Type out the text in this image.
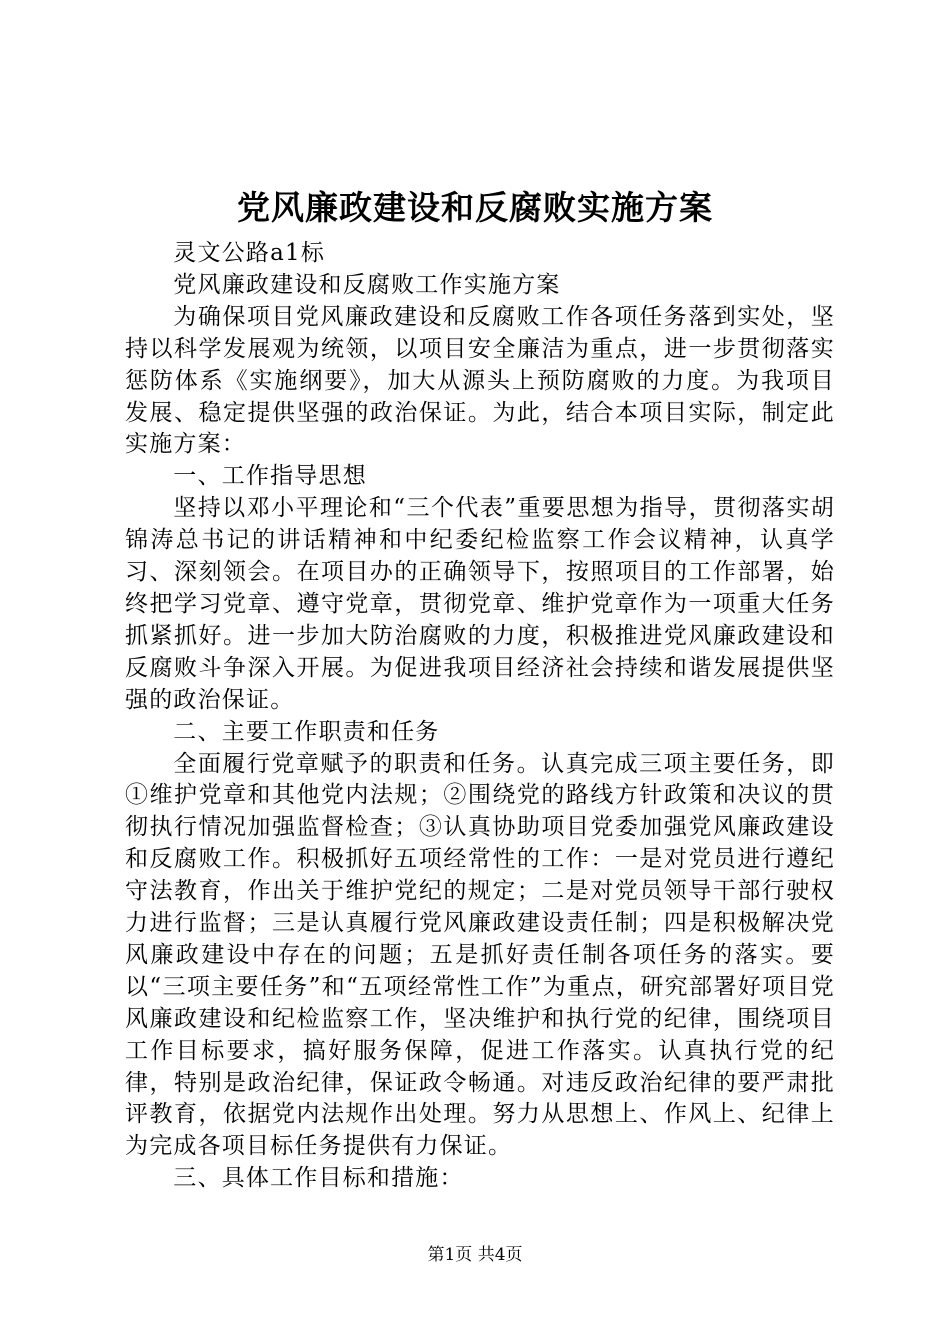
党风廉政建设和反腐败实施方案

灵文公路a1标

党风廉政建设和反腐败工作实施方案

为确保项目党风廉政建设和反腐败工作各项任务落到实处，坚持以科学发展观为统领，以项目安全廉洁为重点，进一步贯彻落实惩防体系《实施纲要》，加大从源头上预防腐败的力度。为我项目发展、稳定提供坚强的政治保证。为此，结合本项目实际，制定此实施方案：

一、工作指导思想

坚持以邓小平理论和“三个代表”重要思想为指导，贯彻落实胡锦涛总书记的讲话精神和中纪委纪检监察工作会议精神，认真学习、深刻领会。在项目办的正确领导下，按照项目的工作部署，始终把学习党章、遵守党章，贯彻党章、维护党章作为一项重大任务抓紧抓好。进一步加大防治腐败的力度，积极推进党风廉政建设和反腐败斗争深入开展。为促进我项目经济社会持续和谐发展提供坚强的政治保证。

二、主要工作职责和任务

全面履行党章赋予的职责和任务。认真完成三项主要任务，即①维护党章和其他党内法规；②围绕党的路线方针政策和决议的贯彻执行情况加强监督检查；③认真协助项目党委加强党风廉政建设和反腐败工作。积极抓好五项经常性的工作：一是对党员进行遵纪守法教育，作出关于维护党纪的规定；二是对党员领导干部行驶权力进行监督；三是认真履行党风廉政建设责任制；四是积极解决党风廉政建设中存在的问题；五是抓好责任制各项任务的落实。要以“三项主要任务”和“五项经常性工作”为重点，研究部署好项目党风廉政建设和纪检监察工作，坚决维护和执行党的纪律，围绕项目工作目标要求，搞好服务保障，促进工作落实。认真执行党的纪律，特别是政治纪律，保证政令畅通。对违反政治纪律的要严肃批评教育，依据党内法规作出处理。努力从思想上、作风上、纪律上为完成各项目标任务提供有力保证。

三、具体工作目标和措施：

第1页 共4页
